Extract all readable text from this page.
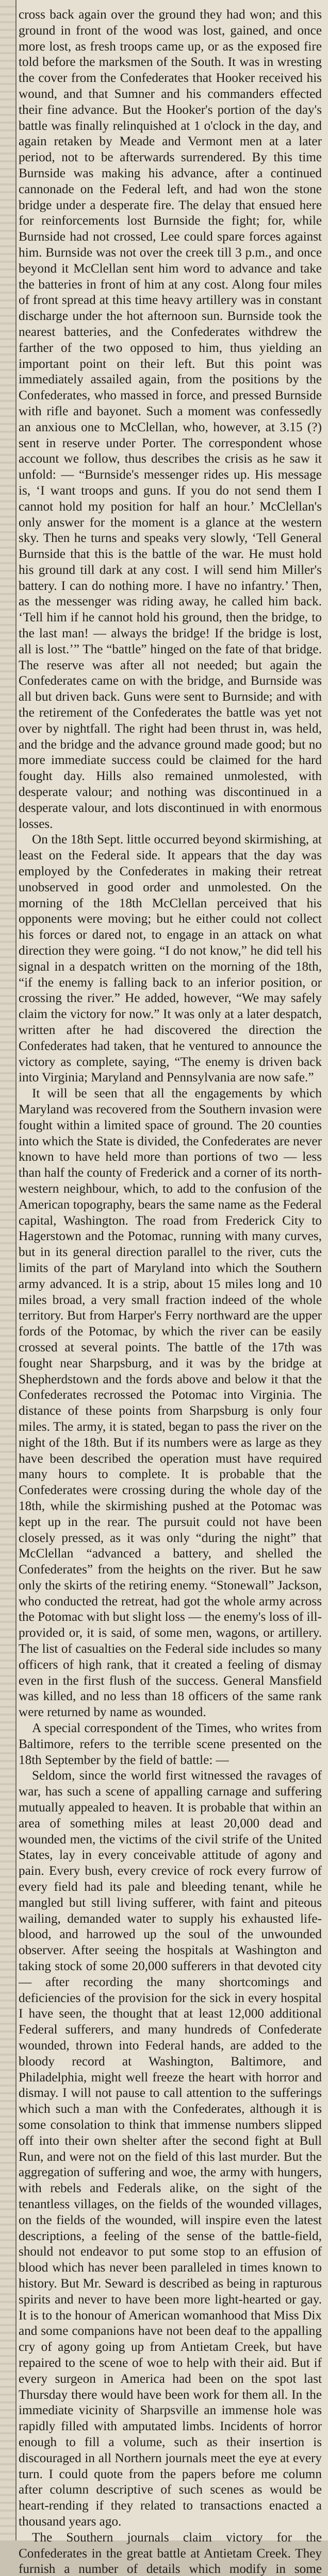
cross back again over the ground they had won; and this ground in front of the wood was lost, gained, and once more lost, as fresh troops came up, or as the exposed fire told before the marksmen of the South. It was in wresting the cover from the Confederates that Hooker received his wound, and that Sumner and his commanders effected their fine advance. But the Hooker's portion of the day's battle was finally relinquished at 1 o'clock in the day, and again retaken by Meade and Vermont men at a later period, not to be afterwards surrendered. By this time Burnside was making his advance, after a continued cannonade on the Federal left, and had won the stone bridge under a desperate fire. The delay that ensued here for reinforcements lost Burnside the fight; for, while Burnside had not crossed, Lee could spare forces against him. Burnside was not over the creek till 3 p.m., and once beyond it McClellan sent him word to advance and take the batteries in front of him at any cost. Along four miles of front spread at this time heavy artillery was in constant discharge under the hot afternoon sun. Burnside took the nearest batteries, and the Confederates withdrew the farther of the two opposed to him, thus yielding an important point on their left. But this point was immediately assailed again, from the positions by the Confederates, who massed in force, and pressed Burnside with rifle and bayonet. Such a moment was confessedly an anxious one to McClellan, who, however, at 3.15 (?) sent in reserve under Porter. The correspondent whose account we follow, thus describes the crisis as he saw it unfold: — “Burnside's messenger rides up. His message is, ‘I want troops and guns. If you do not send them I cannot hold my position for half an hour.’ McClellan's only answer for the moment is a glance at the western sky. Then he turns and speaks very slowly, ‘Tell General Burnside that this is the battle of the war. He must hold his ground till dark at any cost. I will send him Miller's battery. I can do nothing more. I have no infantry.’ Then, as the messenger was riding away, he called him back. ‘Tell him if he cannot hold his ground, then the bridge, to the last man! — always the bridge! If the bridge is lost, all is lost.’” The “battle” hinged on the fate of that bridge. The reserve was after all not needed; but again the Confederates came on with the bridge, and Burnside was all but driven back. Guns were sent to Burnside; and with the retirement of the Confederates the battle was yet not over by nightfall. The right had been thrust in, was held, and the bridge and the advance ground made good; but no more immediate success could be claimed for the hard fought day. Hills also remained unmolested, with desperate valour; and nothing was discontinued in a desperate valour, and lots discontinued in with enormous losses.

On the 18th Sept. little occurred beyond skirmishing, at least on the Federal side. It appears that the day was employed by the Confederates in making their retreat unobserved in good order and unmolested. On the morning of the 18th McClellan perceived that his opponents were moving; but he either could not collect his forces or dared not, to engage in an attack on what direction they were going. “I do not know,” he did tell his signal in a despatch written on the morning of the 18th, “if the enemy is falling back to an inferior position, or crossing the river.” He added, however, “We may safely claim the victory for now.” It was only at a later despatch, written after he had discovered the direction the Confederates had taken, that he ventured to announce the victory as complete, saying, “The enemy is driven back into Virginia; Maryland and Pennsylvania are now safe.”

It will be seen that all the engagements by which Maryland was recovered from the Southern invasion were fought within a limited space of ground. The 20 counties into which the State is divided, the Confederates are never known to have held more than portions of two — less than half the county of Frederick and a corner of its north-western neighbour, which, to add to the confusion of the American topography, bears the same name as the Federal capital, Washington. The road from Frederick City to Hagerstown and the Potomac, running with many curves, but in its general direction parallel to the river, cuts the limits of the part of Maryland into which the Southern army advanced. It is a strip, about 15 miles long and 10 miles broad, a very small fraction indeed of the whole territory. But from Harper's Ferry northward are the upper fords of the Potomac, by which the river can be easily crossed at several points. The battle of the 17th was fought near Sharpsburg, and it was by the bridge at Shepherdstown and the fords above and below it that the Confederates recrossed the Potomac into Virginia. The distance of these points from Sharpsburg is only four miles. The army, it is stated, began to pass the river on the night of the 18th. But if its numbers were as large as they have been described the operation must have required many hours to complete. It is probable that the Confederates were crossing during the whole day of the 18th, while the skirmishing pushed at the Potomac was kept up in the rear. The pursuit could not have been closely pressed, as it was only “during the night” that McClellan “advanced a battery, and shelled the Confederates” from the heights on the river. But he saw only the skirts of the retiring enemy. “Stonewall” Jackson, who conducted the retreat, had got the whole army across the Potomac with but slight loss — the enemy's loss of ill-provided or, it is said, of some men, wagons, or artillery. The list of casualties on the Federal side includes so many officers of high rank, that it created a feeling of dismay even in the first flush of the success. General Mansfield was killed, and no less than 18 officers of the same rank were returned by name as wounded.

A special correspondent of the Times, who writes from Baltimore, refers to the terrible scene presented on the 18th September by the field of battle: —

Seldom, since the world first witnessed the ravages of war, has such a scene of appalling carnage and suffering mutually appealed to heaven. It is probable that within an area of something miles at least 20,000 dead and wounded men, the victims of the civil strife of the United States, lay in every conceivable attitude of agony and pain. Every bush, every crevice of rock every furrow of every field had its pale and bleeding tenant, while he mangled but still living sufferer, with faint and piteous wailing, demanded water to supply his exhausted life-blood, and harrowed up the soul of the unwounded observer. After seeing the hospitals at Washington and taking stock of some 20,000 sufferers in that devoted city — after recording the many shortcomings and deficiencies of the provision for the sick in every hospital I have seen, the thought that at least 12,000 additional Federal sufferers, and many hundreds of Confederate wounded, thrown into Federal hands, are added to the bloody record at Washington, Baltimore, and Philadelphia, might well freeze the heart with horror and dismay. I will not pause to call attention to the sufferings which such a man with the Confederates, although it is some consolation to think that immense numbers slipped off into their own shelter after the second fight at Bull Run, and were not on the field of this last murder. But the aggregation of suffering and woe, the army with hungers, with rebels and Federals alike, on the sight of the tenantless villages, on the fields of the wounded villages, on the fields of the wounded, will inspire even the latest descriptions, a feeling of the sense of the battle-field, should not endeavor to put some stop to an effusion of blood which has never been paralleled in times known to history. But Mr. Seward is described as being in rapturous spirits and never to have been more light-hearted or gay. It is to the honour of American womanhood that Miss Dix and some companions have not been deaf to the appalling cry of agony going up from Antietam Creek, but have repaired to the scene of woe to help with their aid. But if every surgeon in America had been on the spot last Thursday there would have been work for them all. In the immediate vicinity of Sharpsville an immense hole was rapidly filled with amputated limbs. Incidents of horror enough to fill a volume, such as their insertion is discouraged in all Northern journals meet the eye at every turn. I could quote from the papers before me column after column descriptive of such scenes as would be heart-rending if they related to transactions enacted a thousand years ago.

The Southern journals claim victory for the Confederates in the great battle at Antietam Creek. They furnish a number of details which modify in some
